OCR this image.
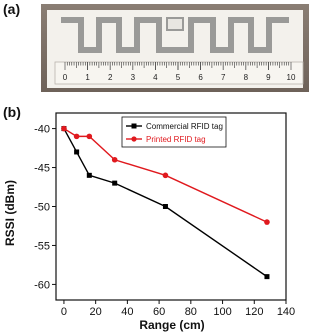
(a)
(b)
0 1 2 3 4 5 6 7 8 9 10
0 20 40 60 80 100 120 140
-40
-45
-50
-55
-60
Commercial RFID tag
Printed RFID tag
Range (cm)
RSSI (dBm)
